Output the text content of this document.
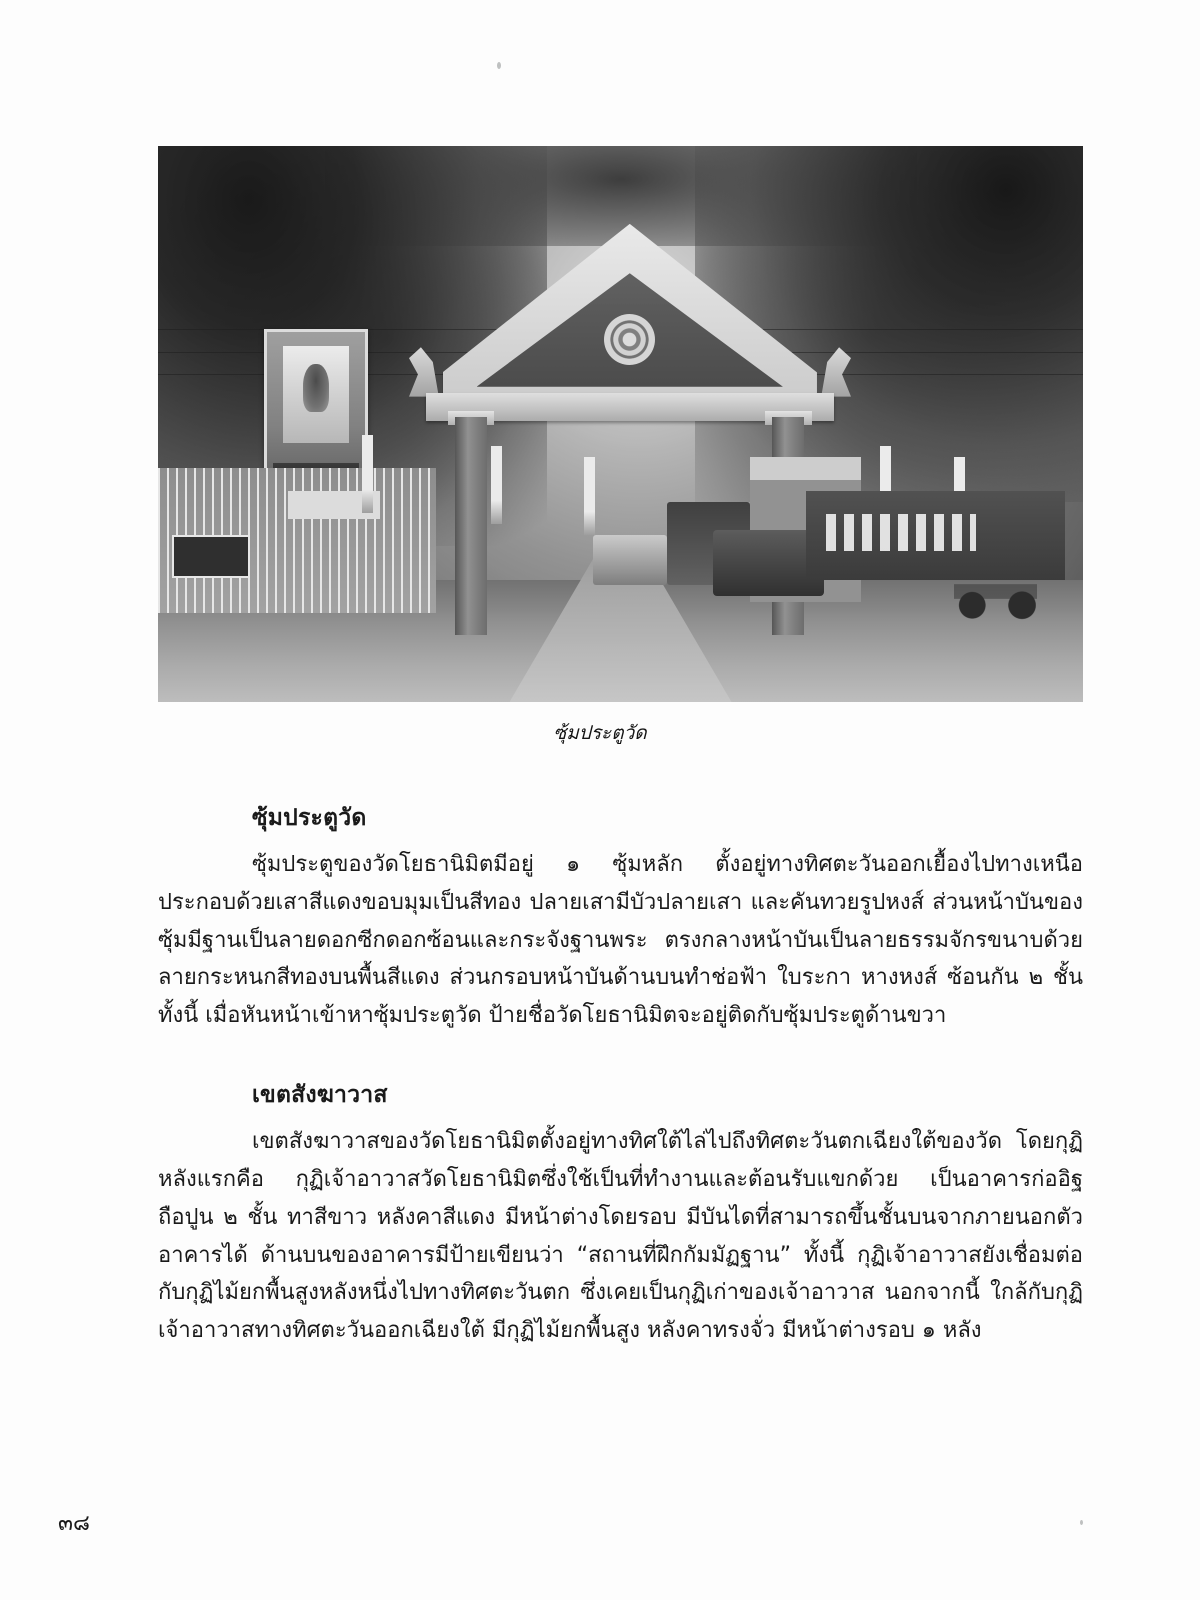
ซุ้มประตูวัด
ซุ้มประตูวัด

ซุ้มประตูของวัดโยธานิมิตมีอยู่ ๑ ซุ้มหลัก ตั้งอยู่ทางทิศตะวันออกเยื้องไปทางเหนือ ประกอบด้วยเสาสีแดงขอบมุมเป็นสีทอง ปลายเสามีบัวปลายเสา และคันทวยรูปหงส์ ส่วนหน้าบันของซุ้มมีฐานเป็นลายดอกซีกดอกซ้อนและกระจังฐานพระ ตรงกลางหน้าบันเป็นลายธรรมจักรขนาบด้วยลายกระหนกสีทองบนพื้นสีแดง ส่วนกรอบหน้าบันด้านบนทำช่อฟ้า ใบระกา หางหงส์ ซ้อนกัน ๒ ชั้น ทั้งนี้ เมื่อหันหน้าเข้าหาซุ้มประตูวัด ป้ายชื่อวัดโยธานิมิตจะอยู่ติดกับซุ้มประตูด้านขวา

เขตสังฆาวาส

เขตสังฆาวาสของวัดโยธานิมิตตั้งอยู่ทางทิศใต้ไล่ไปถึงทิศตะวันตกเฉียงใต้ของวัด โดยกุฏิหลังแรกคือ กุฏิเจ้าอาวาสวัดโยธานิมิตซึ่งใช้เป็นที่ทำงานและต้อนรับแขกด้วย เป็นอาคารก่ออิฐถือปูน ๒ ชั้น ทาสีขาว หลังคาสีแดง มีหน้าต่างโดยรอบ มีบันไดที่สามารถขึ้นชั้นบนจากภายนอกตัวอาคารได้ ด้านบนของอาคารมีป้ายเขียนว่า “สถานที่ฝึกกัมมัฏฐาน” ทั้งนี้ กุฏิเจ้าอาวาสยังเชื่อมต่อกับกุฏิไม้ยกพื้นสูงหลังหนึ่งไปทางทิศตะวันตก ซึ่งเคยเป็นกุฏิเก่าของเจ้าอาวาส นอกจากนี้ ใกล้กับกุฏิเจ้าอาวาสทางทิศตะวันออกเฉียงใต้ มีกุฏิไม้ยกพื้นสูง หลังคาทรงจั่ว มีหน้าต่างรอบ ๑ หลัง

๓๘
